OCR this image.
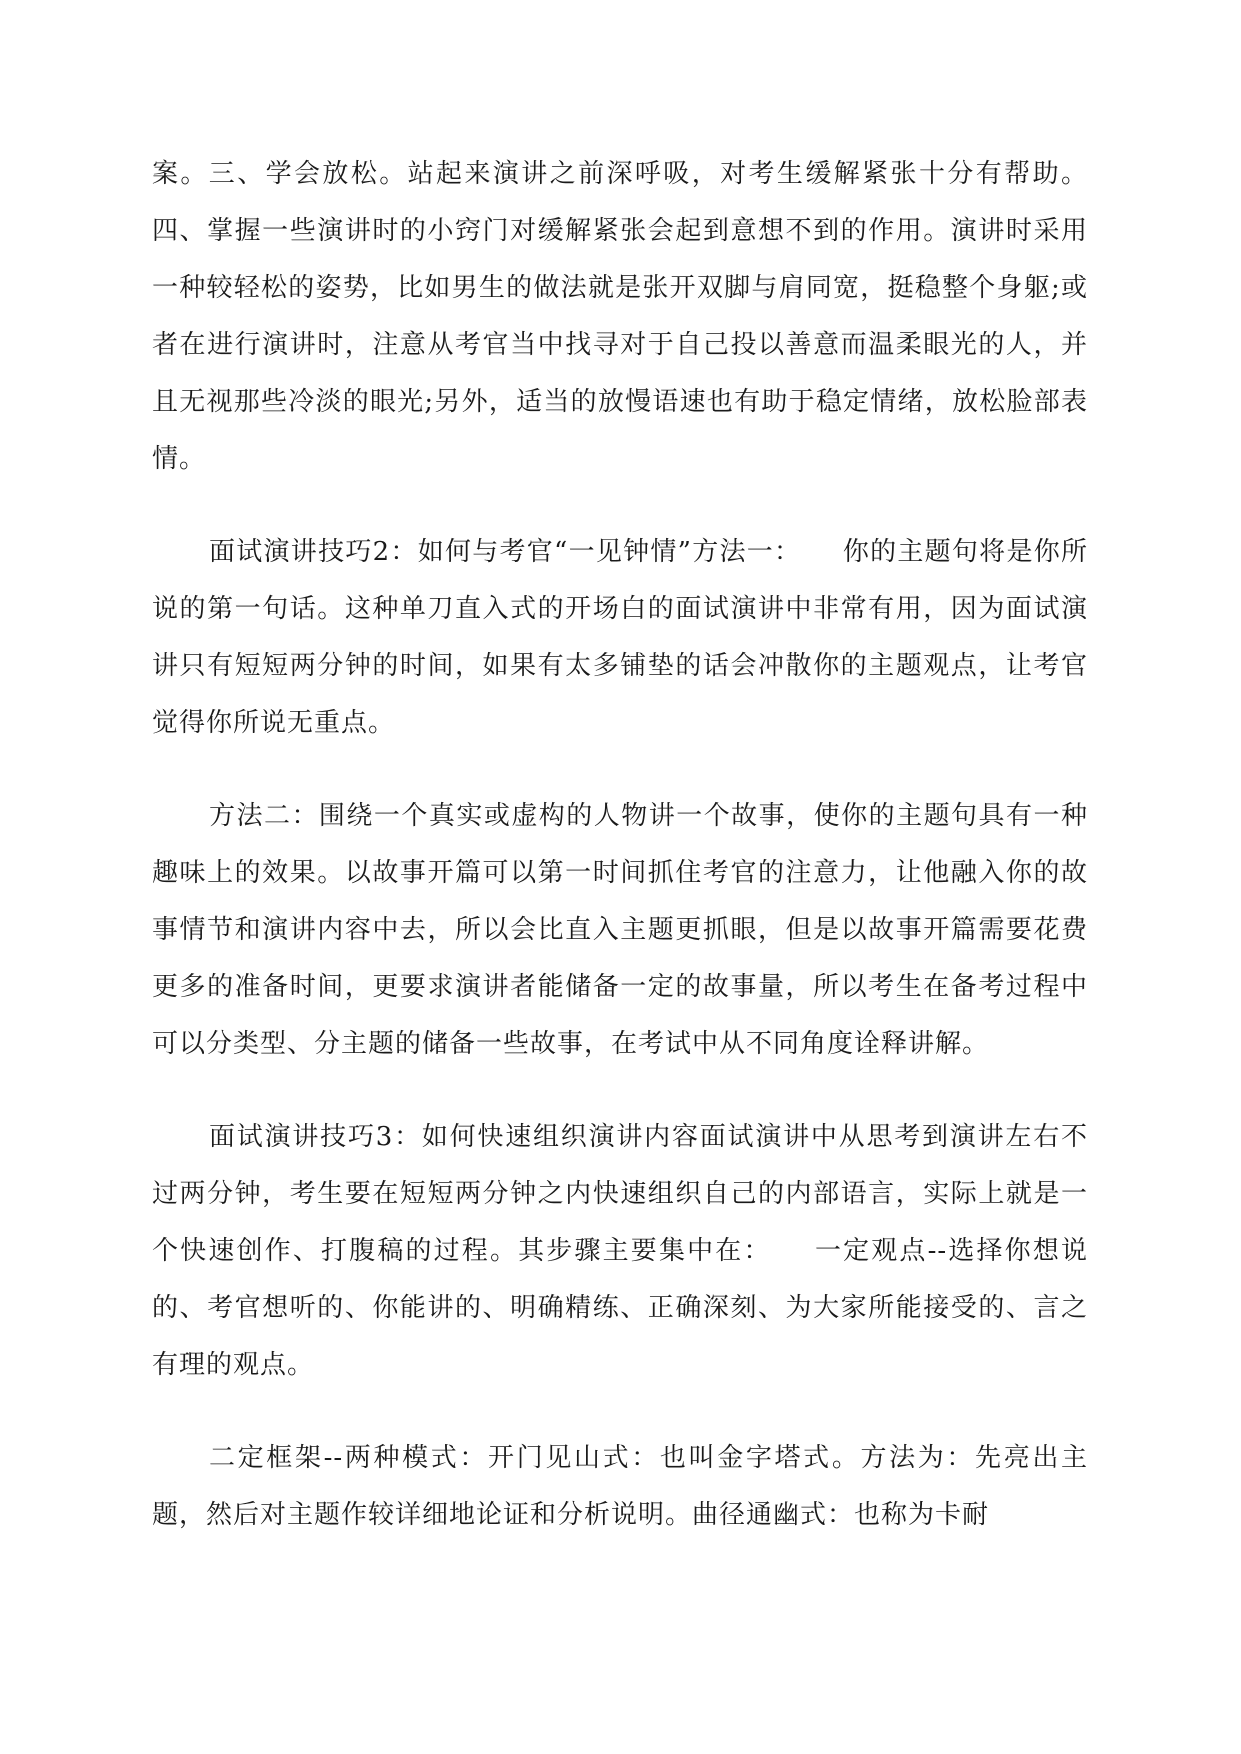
案。三、学会放松。站起来演讲之前深呼吸，对考生缓解紧张十分有帮助。四、掌握一些演讲时的小窍门对缓解紧张会起到意想不到的作用。演讲时采用一种较轻松的姿势，比如男生的做法就是张开双脚与肩同宽，挺稳整个身躯;或者在进行演讲时，注意从考官当中找寻对于自己投以善意而温柔眼光的人，并且无视那些冷淡的眼光;另外，适当的放慢语速也有助于稳定情绪，放松脸部表情。

面试演讲技巧2：如何与考官“一见钟情”方法一：　　你的主题句将是你所说的第一句话。这种单刀直入式的开场白的面试演讲中非常有用，因为面试演讲只有短短两分钟的时间，如果有太多铺垫的话会冲散你的主题观点，让考官觉得你所说无重点。

方法二：围绕一个真实或虚构的人物讲一个故事，使你的主题句具有一种趣味上的效果。以故事开篇可以第一时间抓住考官的注意力，让他融入你的故事情节和演讲内容中去，所以会比直入主题更抓眼，但是以故事开篇需要花费更多的准备时间，更要求演讲者能储备一定的故事量，所以考生在备考过程中可以分类型、分主题的储备一些故事，在考试中从不同角度诠释讲解。

面试演讲技巧3：如何快速组织演讲内容面试演讲中从思考到演讲左右不过两分钟，考生要在短短两分钟之内快速组织自己的内部语言，实际上就是一个快速创作、打腹稿的过程。其步骤主要集中在：　　一定观点--选择你想说的、考官想听的、你能讲的、明确精练、正确深刻、为大家所能接受的、言之有理的观点。

二定框架--两种模式：开门见山式：也叫金字塔式。方法为：先亮出主题，然后对主题作较详细地论证和分析说明。曲径通幽式：也称为卡耐
